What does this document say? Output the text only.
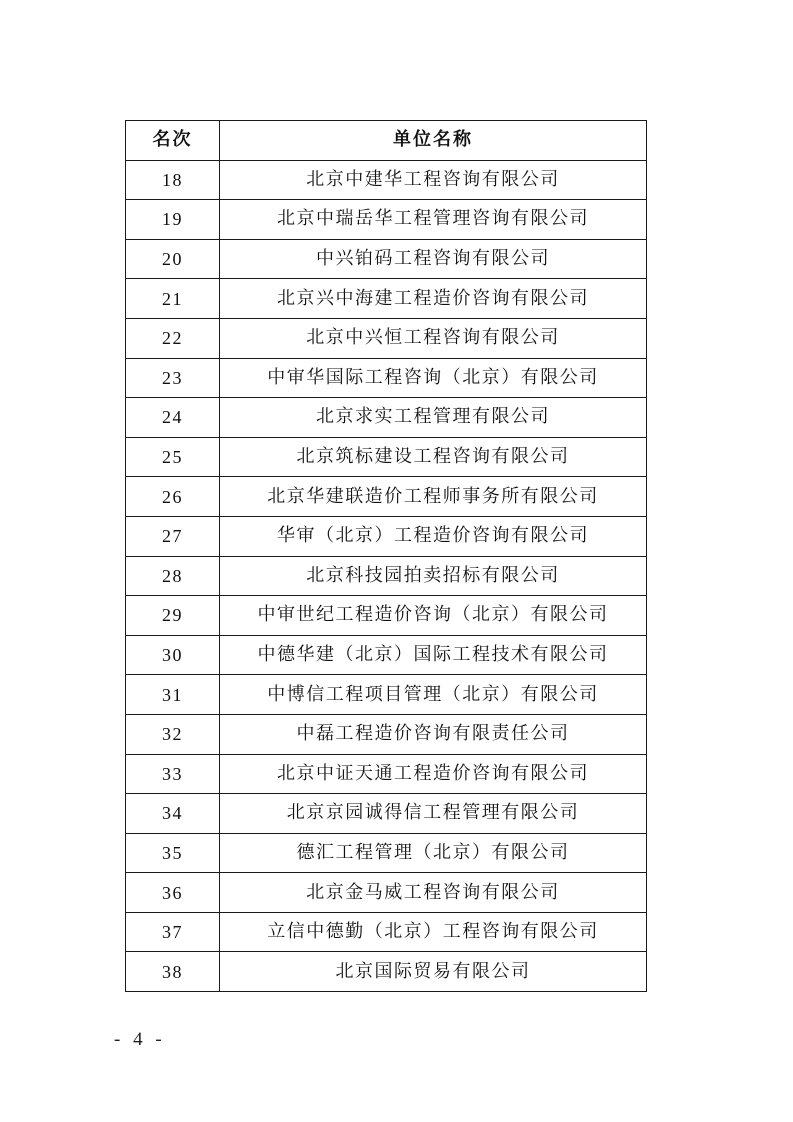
名次	单位名称
18	北京中建华工程咨询有限公司
19	北京中瑞岳华工程管理咨询有限公司
20	中兴铂码工程咨询有限公司
21	北京兴中海建工程造价咨询有限公司
22	北京中兴恒工程咨询有限公司
23	中审华国际工程咨询（北京）有限公司
24	北京求实工程管理有限公司
25	北京筑标建设工程咨询有限公司
26	北京华建联造价工程师事务所有限公司
27	华审（北京）工程造价咨询有限公司
28	北京科技园拍卖招标有限公司
29	中审世纪工程造价咨询（北京）有限公司
30	中德华建（北京）国际工程技术有限公司
31	中博信工程项目管理（北京）有限公司
32	中磊工程造价咨询有限责任公司
33	北京中证天通工程造价咨询有限公司
34	北京京园诚得信工程管理有限公司
35	德汇工程管理（北京）有限公司
36	北京金马威工程咨询有限公司
37	立信中德勤（北京）工程咨询有限公司
38	北京国际贸易有限公司
- 4 -
